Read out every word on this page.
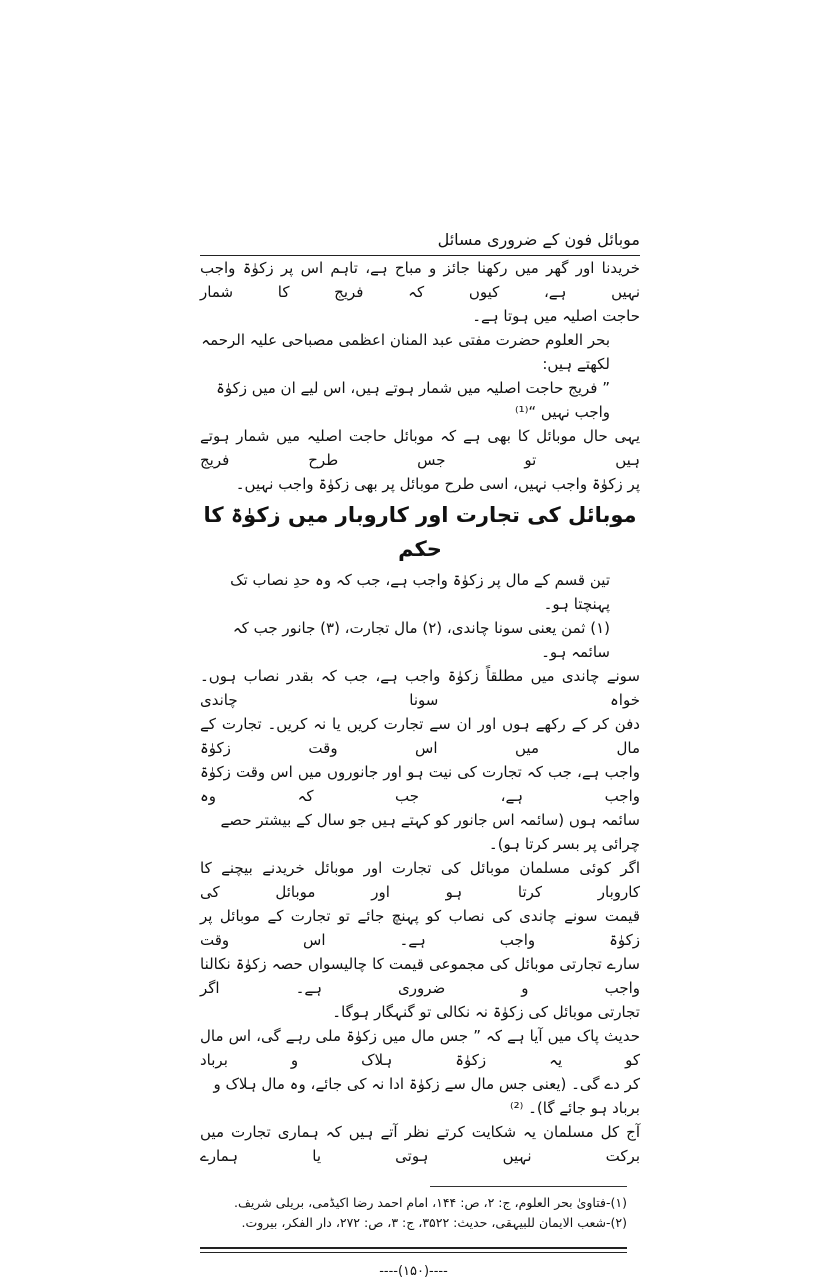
موبائل فون کے ضروری مسائل
خریدنا اور گھر میں رکھنا جائز و مباح ہے، تاہم اس پر زکوٰۃ واجب نہیں ہے، کیوں کہ فریج کا شمار
حاجت اصلیہ میں ہوتا ہے۔
بحر العلوم حضرت مفتی عبد المنان اعظمی مصباحی علیہ الرحمہ لکھتے ہیں:
” فریج حاجت اصلیہ میں شمار ہوتے ہیں، اس لیے ان میں زکوٰۃ واجب نہیں “⁽¹⁾
یہی حال موبائل کا بھی ہے کہ موبائل حاجت اصلیہ میں شمار ہوتے ہیں تو جس طرح فریج
پر زکوٰۃ واجب نہیں، اسی طرح موبائل پر بھی زکوٰۃ واجب نہیں۔
موبائل کی تجارت اور کاروبار میں زکوٰۃ کا حکم
تین قسم کے مال پر زکوٰۃ واجب ہے، جب کہ وہ حدِ نصاب تک پہنچتا ہو۔
(۱) ثمن یعنی سونا چاندی، (۲) مال تجارت، (۳) جانور جب کہ سائمہ ہو۔
سونے چاندی میں مطلقاً زکوٰۃ واجب ہے، جب کہ بقدر نصاب ہوں۔ خواہ سونا چاندی
دفن کر کے رکھے ہوں اور ان سے تجارت کریں یا نہ کریں۔ تجارت کے مال میں اس وقت زکوٰۃ
واجب ہے، جب کہ تجارت کی نیت ہو اور جانوروں میں اس وقت زکوٰۃ واجب ہے، جب کہ وہ
سائمہ ہوں (سائمہ اس جانور کو کہتے ہیں جو سال کے بیشتر حصے چرائی پر بسر کرتا ہو)۔
اگر کوئی مسلمان موبائل کی تجارت اور موبائل خریدنے بیچنے کا کاروبار کرتا ہو اور موبائل کی
قیمت سونے چاندی کی نصاب کو پہنچ جائے تو تجارت کے موبائل پر زکوٰۃ واجب ہے۔ اس وقت
سارے تجارتی موبائل کی مجموعی قیمت کا چالیسواں حصہ زکوٰۃ نکالنا واجب و ضروری ہے۔ اگر
تجارتی موبائل کی زکوٰۃ نہ نکالی تو گنہگار ہوگا۔
حدیث پاک میں آیا ہے کہ ” جس مال میں زکوٰۃ ملی رہے گی، اس مال کو یہ زکوٰۃ ہلاک و برباد
کر دے گی۔ (یعنی جس مال سے زکوٰۃ ادا نہ کی جائے، وہ مال ہلاک و برباد ہو جائے گا)۔ ⁽²⁾
آج کل مسلمان یہ شکایت کرتے نظر آتے ہیں کہ ہماری تجارت میں برکت نہیں ہوتی یا ہمارے
(۱)-فتاویٰ بحر العلوم، ج: ۲، ص: ۱۴۴، امام احمد رضا اکیڈمی، بریلی شریف.
(۲)-شعب الایمان للبیہقی، حدیث: ۳۵۲۲، ج: ۳، ص: ۲۷۲، دار الفکر، بیروت.
----(۱۵۰)----
